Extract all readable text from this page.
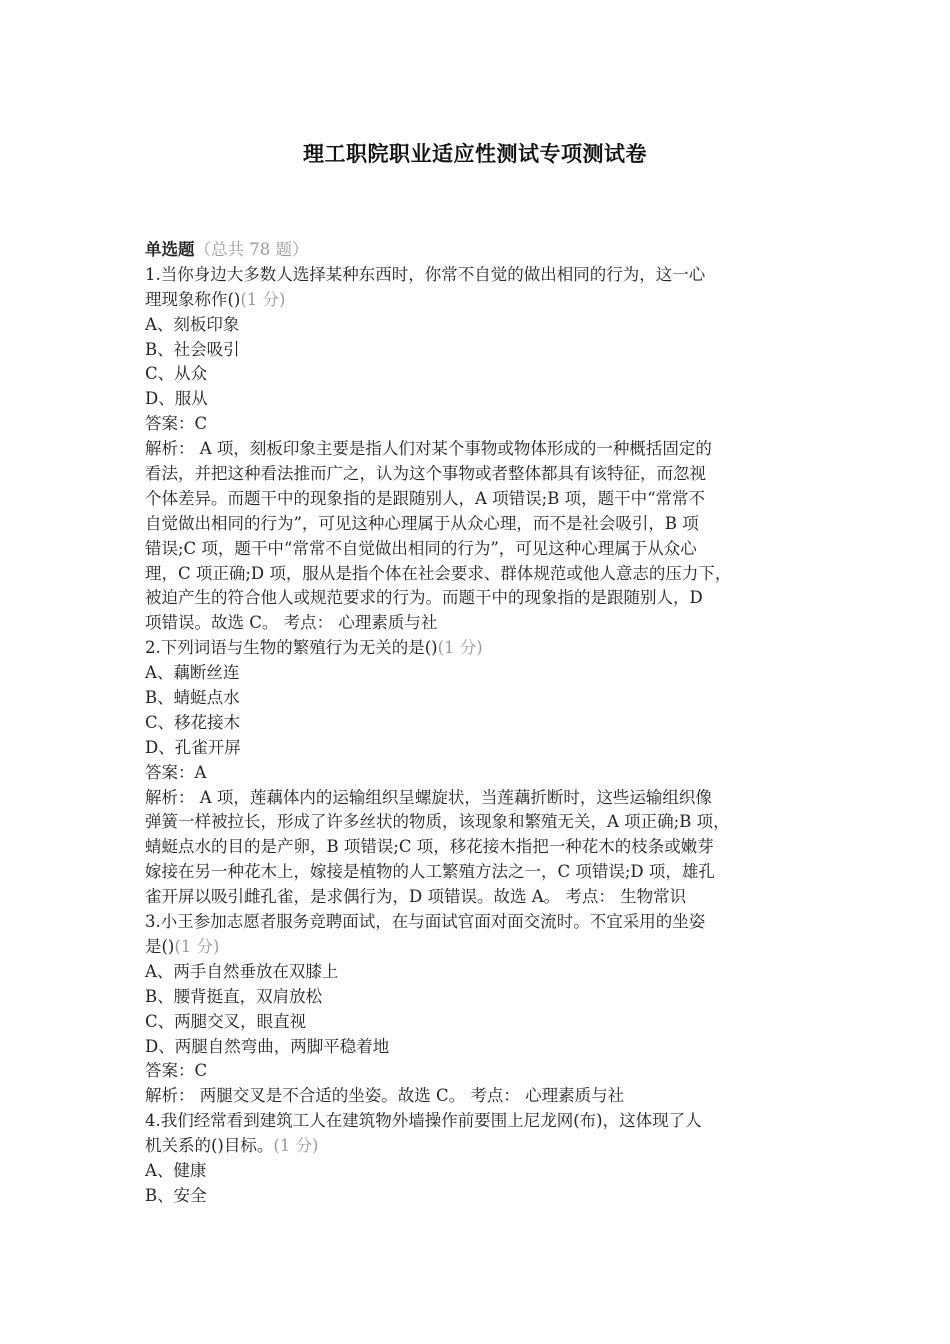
理工职院职业适应性测试专项测试卷
单选题（总共 78 题）
1.当你身边大多数人选择某种东西时，你常不自觉的做出相同的行为，这一心
理现象称作()(1 分)
A、刻板印象
B、社会吸引
C、从众
D、服从
答案：C
解析： A 项，刻板印象主要是指人们对某个事物或物体形成的一种概括固定的
看法，并把这种看法推而广之，认为这个事物或者整体都具有该特征，而忽视
个体差异。而题干中的现象指的是跟随别人，A 项错误;B 项，题干中“常常不
自觉做出相同的行为”，可见这种心理属于从众心理，而不是社会吸引，B 项
错误;C 项，题干中“常常不自觉做出相同的行为”，可见这种心理属于从众心
理，C 项正确;D 项，服从是指个体在社会要求、群体规范或他人意志的压力下，
被迫产生的符合他人或规范要求的行为。而题干中的现象指的是跟随别人，D
项错误。故选 C。 考点： 心理素质与社
2.下列词语与生物的繁殖行为无关的是()(1 分)
A、藕断丝连
B、蜻蜓点水
C、移花接木
D、孔雀开屏
答案：A
解析： A 项，莲藕体内的运输组织呈螺旋状，当莲藕折断时，这些运输组织像
弹簧一样被拉长，形成了许多丝状的物质，该现象和繁殖无关，A 项正确;B 项，
蜻蜓点水的目的是产卵，B 项错误;C 项，移花接木指把一种花木的枝条或嫩芽
嫁接在另一种花木上，嫁接是植物的人工繁殖方法之一，C 项错误;D 项，雄孔
雀开屏以吸引雌孔雀，是求偶行为，D 项错误。故选 A。 考点： 生物常识
3.小王参加志愿者服务竞聘面试，在与面试官面对面交流时。不宜采用的坐姿
是()(1 分)
A、两手自然垂放在双膝上
B、腰背挺直，双肩放松
C、两腿交叉，眼直视
D、两腿自然弯曲，两脚平稳着地
答案：C
解析： 两腿交叉是不合适的坐姿。故选 C。 考点： 心理素质与社
4.我们经常看到建筑工人在建筑物外墙操作前要围上尼龙网(布)，这体现了人
机关系的()目标。(1 分)
A、健康
B、安全
